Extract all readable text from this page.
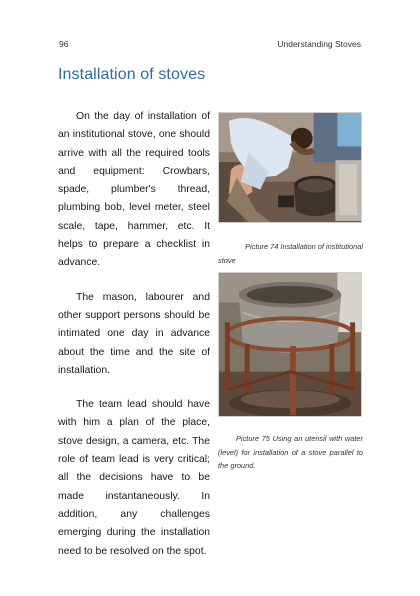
96	Understanding Stoves
Installation of stoves

On the day of installation of an institutional stove, one should arrive with all the required tools and equipment: Crowbars, spade, plumber's thread, plumbing bob, level meter, steel scale, tape, hammer, etc. It helps to prepare a checklist in advance.

The mason, labourer and other support persons should be intimated one day in advance about the time and the site of installation.

The team lead should have with him a plan of the place, stove design, a camera, etc. The role of team lead is very critical; all the decisions have to be made instantaneously. In addition, any challenges emerging during the installation need to be resolved on the spot.

Picture 74 Installation of institutional
stove
Picture 75 Using an utensil with water (level) for installation of a stove parallel to the ground.
